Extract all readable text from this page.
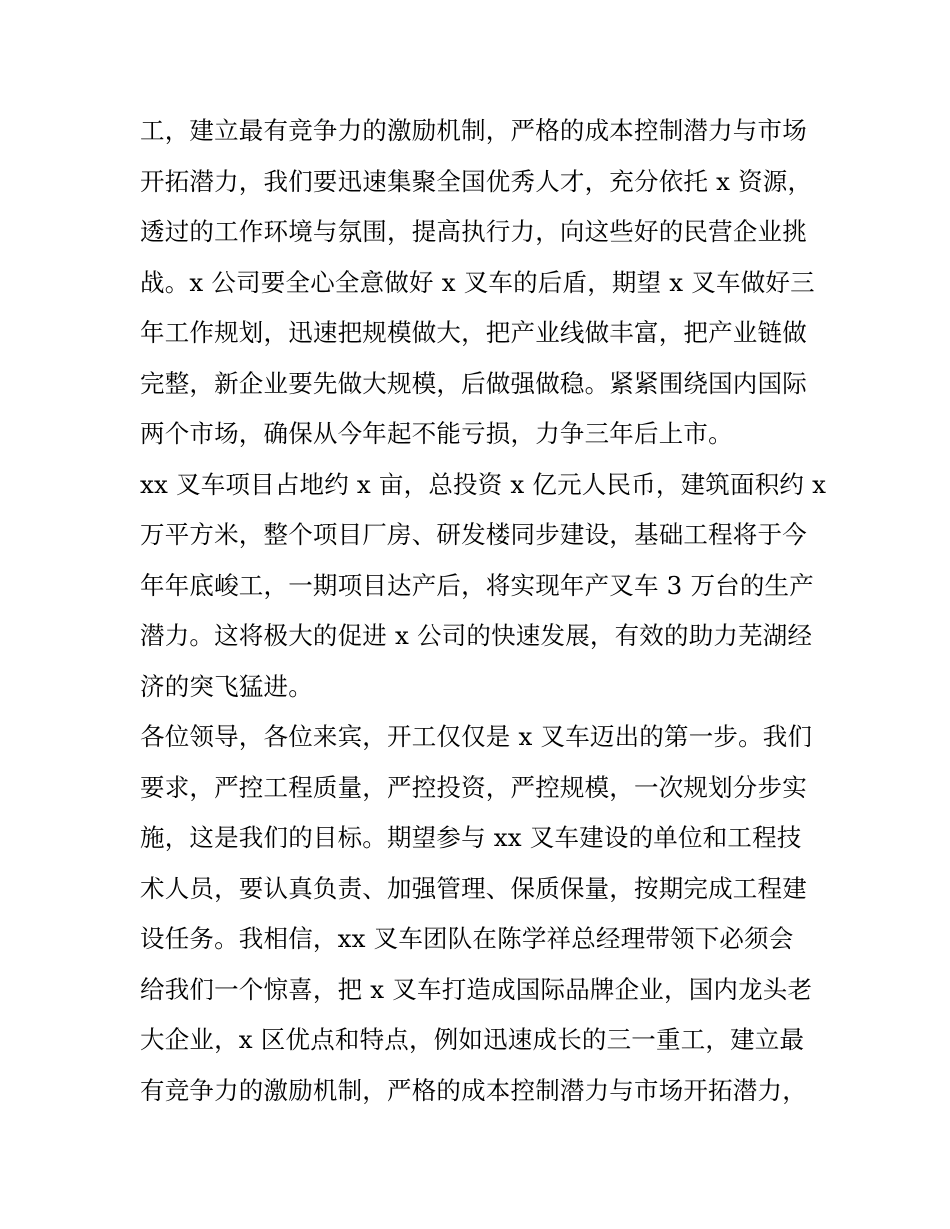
工，建立最有竞争力的激励机制，严格的成本控制潜力与市场
开拓潜力，我们要迅速集聚全国优秀人才，充分依托 x 资源，
透过的工作环境与氛围，提高执行力，向这些好的民营企业挑
战。x 公司要全心全意做好 x 叉车的后盾，期望 x 叉车做好三
年工作规划，迅速把规模做大，把产业线做丰富，把产业链做
完整，新企业要先做大规模，后做强做稳。紧紧围绕国内国际
两个市场，确保从今年起不能亏损，力争三年后上市。
xx 叉车项目占地约 x 亩，总投资 x 亿元人民币，建筑面积约 x
万平方米，整个项目厂房、研发楼同步建设，基础工程将于今
年年底峻工，一期项目达产后，将实现年产叉车 3 万台的生产
潜力。这将极大的促进 x 公司的快速发展，有效的助力芜湖经
济的突飞猛进。
各位领导，各位来宾，开工仅仅是 x 叉车迈出的第一步。我们
要求，严控工程质量，严控投资，严控规模，一次规划分步实
施，这是我们的目标。期望参与 xx 叉车建设的单位和工程技
术人员，要认真负责、加强管理、保质保量，按期完成工程建
设任务。我相信，xx 叉车团队在陈学祥总经理带领下必须会
给我们一个惊喜，把 x 叉车打造成国际品牌企业，国内龙头老
大企业，x 区优点和特点，例如迅速成长的三一重工，建立最
有竞争力的激励机制，严格的成本控制潜力与市场开拓潜力，
